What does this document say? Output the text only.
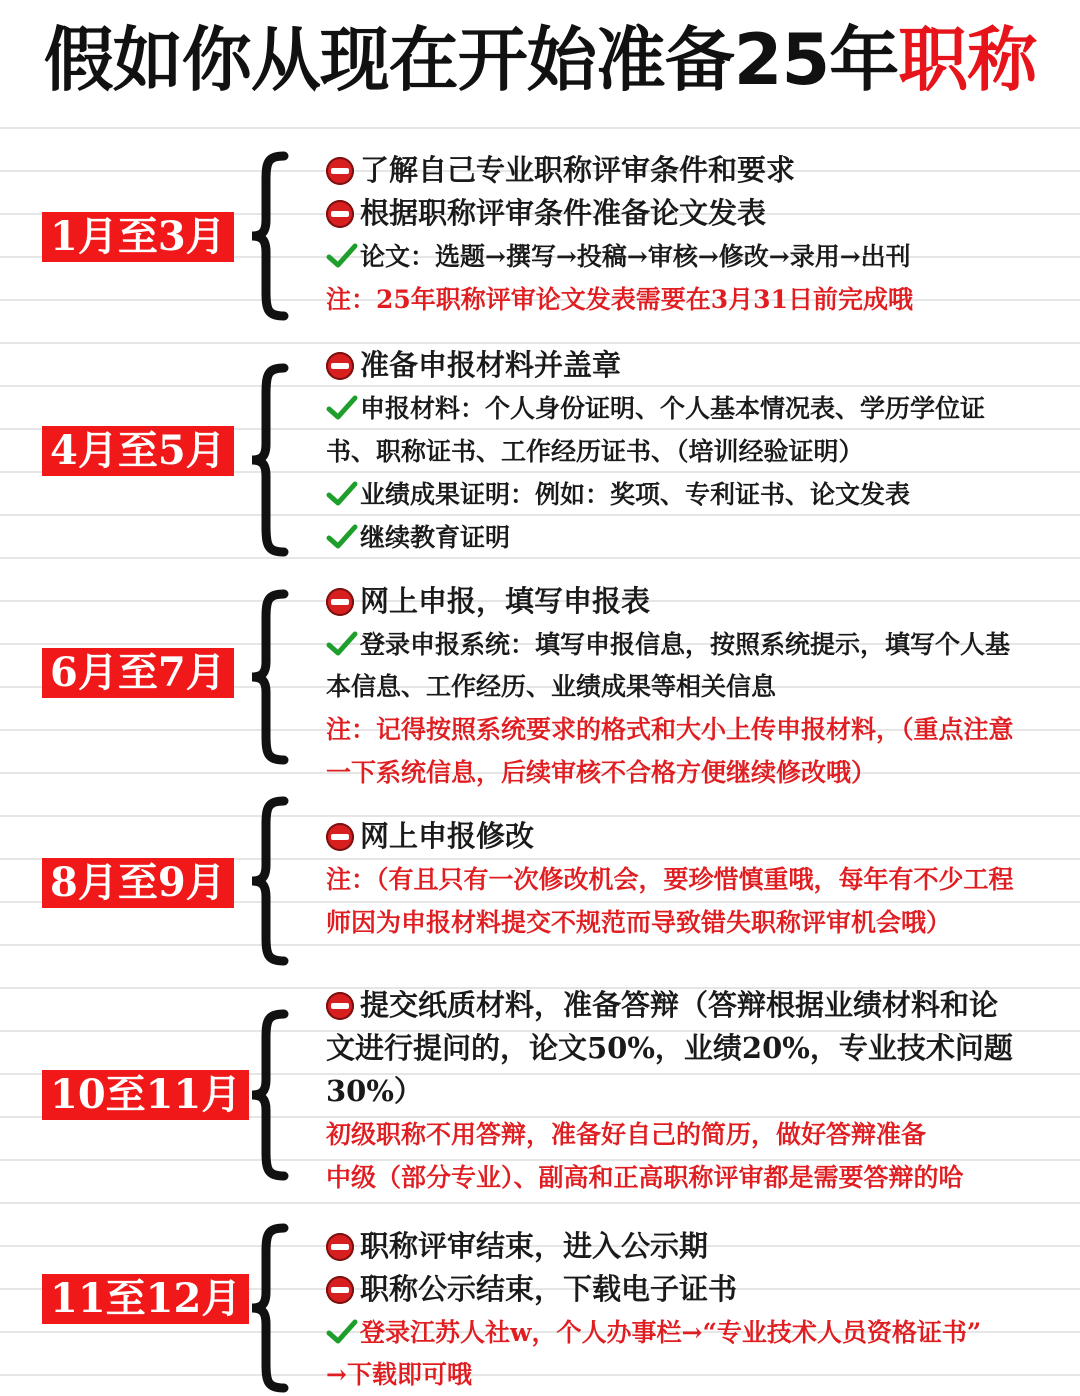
假如你从现在开始准备25年职称
1月至3月
了解自己专业职称评审条件和要求
根据职称评审条件准备论文发表
论文：选题→撰写→投稿→审核→修改→录用→出刊
注：25年职称评审论文发表需要在3月31日前完成哦
4月至5月
准备申报材料并盖章
申报材料：个人身份证明、个人基本情况表、学历学位证
书、职称证书、工作经历证书、（培训经验证明）
业绩成果证明：例如：奖项、专利证书、论文发表
继续教育证明
6月至7月
网上申报，填写申报表
登录申报系统：填写申报信息，按照系统提示，填写个人基
本信息、工作经历、业绩成果等相关信息
注：记得按照系统要求的格式和大小上传申报材料，（重点注意
一下系统信息，后续审核不合格方便继续修改哦）
8月至9月
网上申报修改
注：（有且只有一次修改机会，要珍惜慎重哦，每年有不少工程
师因为申报材料提交不规范而导致错失职称评审机会哦）
10至11月
提交纸质材料，准备答辩（答辩根据业绩材料和论
文进行提问的，论文50%，业绩20%，专业技术问题
30%）
初级职称不用答辩，准备好自己的简历，做好答辩准备
中级（部分专业）、副高和正高职称评审都是需要答辩的哈
11至12月
职称评审结束，进入公示期
职称公示结束，下载电子证书
登录江苏人社w，个人办事栏→“专业技术人员资格证书”
→下载即可哦
